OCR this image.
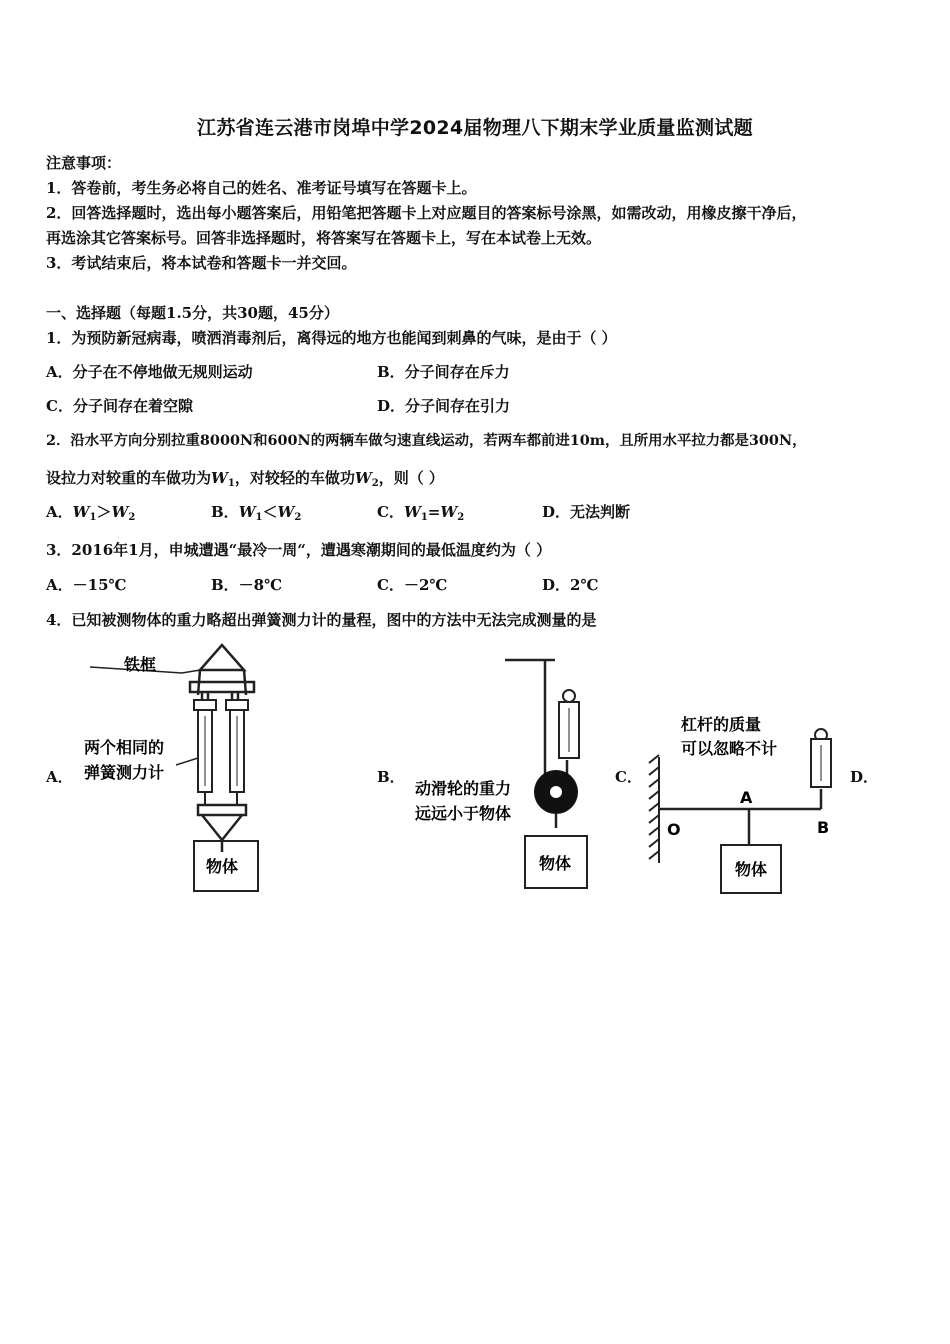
江苏省连云港市岗埠中学2024届物理八下期末学业质量监测试题
注意事项：
1．答卷前，考生务必将自己的姓名、准考证号填写在答题卡上。
2．回答选择题时，选出每小题答案后，用铅笔把答题卡上对应题目的答案标号涂黑，如需改动，用橡皮擦干净后，
再选涂其它答案标号。回答非选择题时，将答案写在答题卡上，写在本试卷上无效。
3．考试结束后，将本试卷和答题卡一并交回。
一、选择题（每题1.5分，共30题，45分）
1．为预防新冠病毒，喷洒消毒剂后，离得远的地方也能闻到刺鼻的气味，是由于（ ）
A．分子在不停地做无规则运动	B．分子间存在斥力
C．分子间存在着空隙	D．分子间存在引力
2．沿水平方向分别拉重8000N和600N的两辆车做匀速直线运动，若两车都前进10m，且所用水平拉力都是300N，
设拉力对较重的车做功为$W_1$，对较轻的车做功$W_2$，则（ ）
A．$W_1>W_2$	B．$W_1<W_2$	C．$W_1=W_2$	D．无法判断
3．2016年1月，申城遭遇“最冷一周“，遭遇寒潮期间的最低温度约为（ ）
A．－15℃	B．－8℃	C．－2℃	D．2℃
4．已知被测物体的重力略超出弹簧测力计的量程，图中的方法中无法完成测量的是
A．	B．	C．	D．
铁框
两个相同的
弹簧测力计
物体
动滑轮的重力
远远小于物体
物体
杠杆的质量
可以忽略不计
O
A
B
物体
